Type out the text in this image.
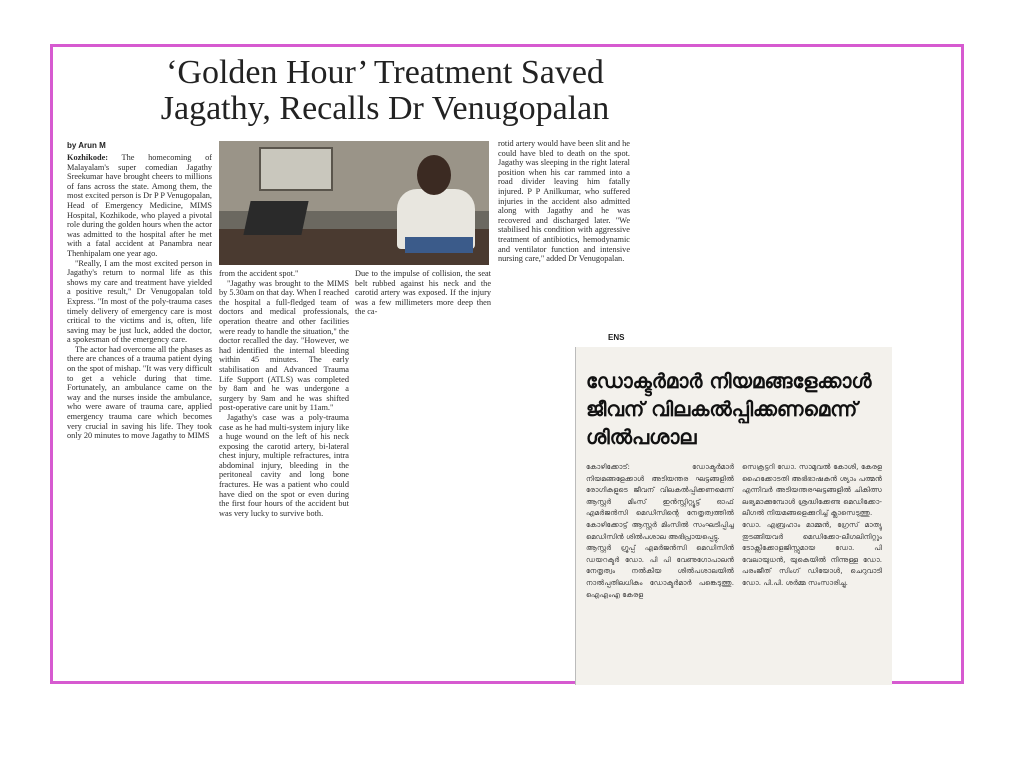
‘Golden Hour’ Treatment Saved
Jagathy, Recalls Dr Venugopalan
by Arun M

Kozhikode: The homecoming of Malayalam's super comedian Jagathy Sreekumar have brought cheers to millions of fans across the state. Among them, the most excited person is Dr P P Venugopalan, Head of Emergency Medicine, MIMS Hospital, Kozhikode, who played a pivotal role during the golden hours when the actor was admitted to the hospital after he met with a fatal accident at Panambra near Thenhipalam one year ago.

"Really, I am the most excited person in Jagathy's return to normal life as this shows my care and treatment have yielded a positive result," Dr Venugopalan told Express. "In most of the poly-trauma cases timely delivery of emergency care is most critical to the victims and is, often, life saving may be just luck, added the doctor, a spokesman of the emergency care.

The actor had overcome all the phases as there are chances of a trauma patient dying on the spot of mishap. "It was very difficult to get a vehicle during that time. Fortunately, an ambulance came on the way and the nurses inside the ambulance, who were aware of trauma care, applied emergency trauma care which becomes very crucial in saving his life. They took only 20 minutes to move Jagathy to MIMS

from the accident spot."

"Jagathy was brought to the MIMS by 5.30am on that day. When I reached the hospital a full-fledged team of doctors and medical professionals, operation theatre and other facilities were ready to handle the situation," the doctor recalled the day. "However, we had identified the internal bleeding within 45 minutes. The early stabilisation and Advanced Trauma Life Support (ATLS) was completed by 8am and he was undergone a surgery by 9am and he was shifted post-operative care unit by 11am."

Jagathy's case was a poly-trauma case as he had multi-system injury like a huge wound on the left of his neck exposing the carotid artery, bi-lateral chest injury, multiple refractures, intra abdominal injury, bleeding in the peritoneal cavity and long bone fractures. He was a patient who could have died on the spot or even during the first four hours of the accident but was very lucky to survive both.

Due to the impulse of collision, the seat belt rubbed against his neck and the carotid artery was exposed. If the injury was a few millimeters more deep then the ca-

rotid artery would have been slit and he could have bled to death on the spot. Jagathy was sleeping in the right lateral position when his car rammed into a road divider leaving him fatally injured. P P Anilkumar, who suffered injuries in the accident also admitted along with Jagathy and he was recovered and discharged later. "We stabilised his condition with aggressive treatment of antibiotics, hemodynamic and ventilator function and intensive nursing care," added Dr Venugopalan.

ENS
ഡോക്ടർമാർ നിയമങ്ങളേക്കാൾ ജീവന് വിലകൽപ്പിക്കണമെന്ന് ശിൽപശാല

കോഴിക്കോട്: ഡോക്ടർമാർ നിയമങ്ങളേക്കാൾ അടിയന്തര ഘട്ടങ്ങളിൽ രോഗികളുടെ ജീവന് വിലകൽപ്പിക്കണമെന്ന് ആസ്റ്റർ മിംസ് ഇൻസ്റ്റിറ്റ്യൂട്ട് ഓഫ് എമർജൻസി മെഡിസിന്റെ നേതൃത്വത്തിൽ കോഴിക്കോട്ട് ആസ്റ്റർ മിംസിൽ സംഘടിപ്പിച്ച മെഡിസിൻ ശിൽപശാല അഭിപ്രായപ്പെട്ടു.

ആസ്റ്റർ ഗ്രൂപ്പ് എമർജൻസി മെഡിസിൻ ഡയറക്ടർ ഡോ. പി പി വേണുഗോപാലൻ നേതൃത്വം നൽകിയ ശിൽപശാലയിൽ നാൽപ്പതിലധികം ഡോക്ടർമാർ പങ്കെടുത്തു. ഐഎംഎ കേരള

സെക്രട്ടറി ഡോ. സാമുവൽ കോശി, കേരള ഹൈക്കോടതി അഭിഭാഷകൻ ശ്യാം പത്മൻ എന്നിവർ അടിയന്തരഘട്ടങ്ങളിൽ ചികിത്സ ലഭ്യമാക്കുമ്പോൾ ശ്രദ്ധിക്കേണ്ട മെഡിക്കോ-ലീഗൽ നിയമങ്ങളെക്കുറിച്ച് ക്ലാസെടുത്തു.

ഡോ. എബ്രഹാം മാമ്മൻ, ഗ്രേസ് മാത്യു തുടങ്ങിയവർ മെഡിക്കോ-ലീഗലിനിറ്റും ടോക്സിക്കോളജിസ്റ്റുമായ ഡോ. പി വേലായുധൻ, യുകെയിൽ നിന്നുള്ള ഡോ. പരംജീത് സിംഗ് ഡിയോൾ, ചെറുവാടി ഡോ. പി.പി. ശർമ്മ സംസാരിച്ചു.
